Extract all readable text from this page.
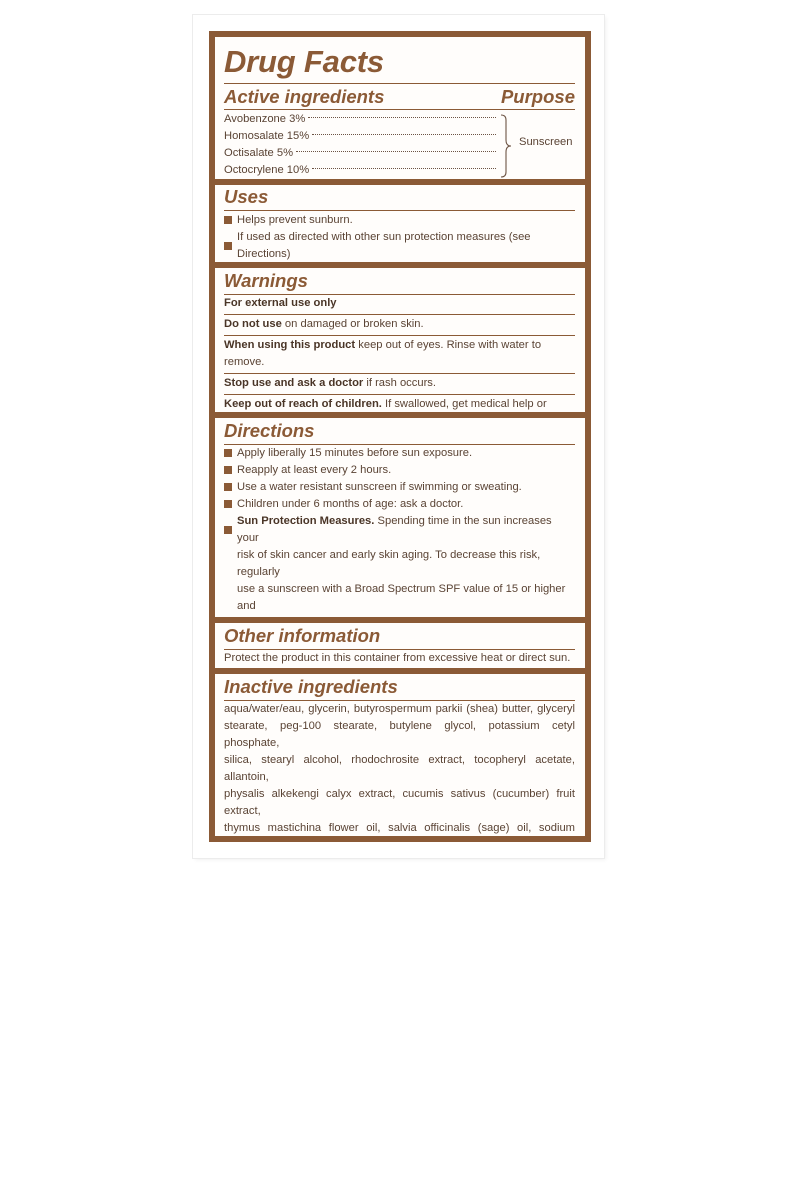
Drug Facts
Active ingredients	Purpose
Avobenzone 3%
Homosalate 15%
Octisalate 5%
Octocrylene 10%
Sunscreen
Uses
Helps prevent sunburn.
If used as directed with other sun protection measures (see Directions)
Warnings
For external use only
Do not use on damaged or broken skin.
When using this product keep out of eyes. Rinse with water to remove.
Stop use and ask a doctor if rash occurs.
Keep out of reach of children. If swallowed, get medical help or
Directions
Apply liberally 15 minutes before sun exposure.
Reapply at least every 2 hours.
Use a water resistant sunscreen if swimming or sweating.
Children under 6 months of age: ask a doctor.
Sun Protection Measures. Spending time in the sun increases your
risk of skin cancer and early skin aging. To decrease this risk, regularly
use a sunscreen with a Broad Spectrum SPF value of 15 or higher and
Other information
Protect the product in this container from excessive heat or direct sun.
Inactive ingredients
aqua/water/eau, glycerin, butyrospermum parkii (shea) butter, glyceryl
stearate, peg-100 stearate, butylene glycol, potassium cetyl phosphate,
silica, stearyl alcohol, rhodochrosite extract, tocopheryl acetate, allantoin,
physalis alkekengi calyx extract, cucumis sativus (cucumber) fruit extract,
thymus mastichina flower oil, salvia officinalis (sage) oil, sodium
